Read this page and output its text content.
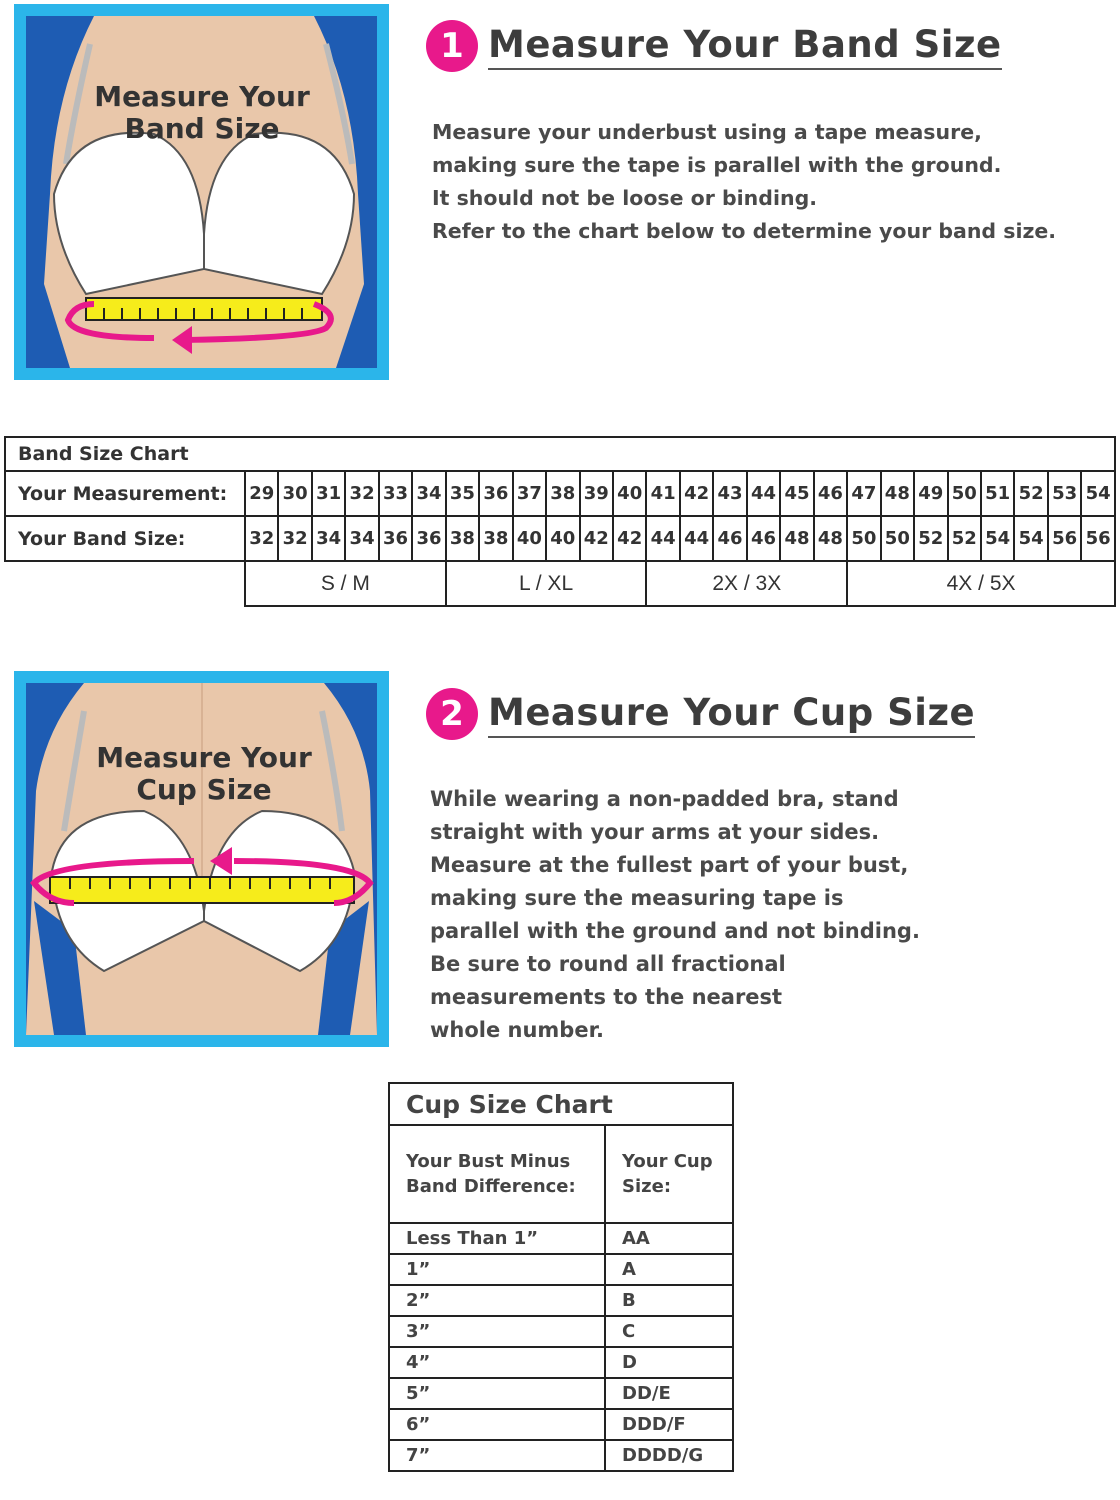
Measure Your
Band Size
1 Measure Your Band Size
Measure your underbust using a tape measure,
making sure the tape is parallel with the ground.
It should not be loose or binding.
Refer to the chart below to determine your band size.
Band Size Chart																										
Your Measurement:	29	30	31	32	33	34	35	36	37	38	39	40	41	42	43	44	45	46	47	48	49	50	51	52	53	54
Your Band Size:	32	32	34	34	36	36	38	38	40	40	42	42	44	44	46	46	48	48	50	50	52	52	54	54	56	56
	S / M						L / XL						2X / 3X						4X / 5X							
Measure Your
Cup Size
2 Measure Your Cup Size
While wearing a non-padded bra, stand
straight with your arms at your sides.
Measure at the fullest part of your bust,
making sure the measuring tape is
parallel with the ground and not binding.
Be sure to round all fractional
measurements to the nearest
whole number.
Cup Size Chart	

Your Bust Minus
Band Difference:	Your Cup
Size:

Less Than 1”	AA
1”	A
2”	B
3”	C
4”	D
5”	DD/E
6”	DDD/F
7”	DDDD/G
